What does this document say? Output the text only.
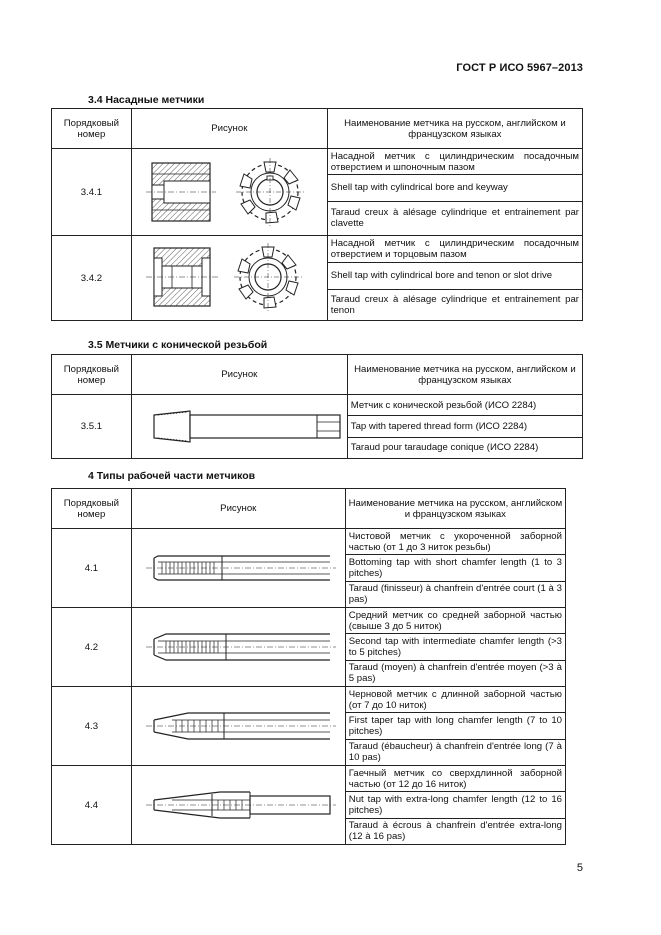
ГОСТ Р ИСО 5967–2013
3.4 Насадные метчики
Порядковый номер	Рисунок	Наименование метчика на русском, английском и французском языках
3.4.1		Насадной метчик с цилиндрическим посадочным отверстием и шпоночным пазом
		Shell tap with cylindrical bore and keyway
		Taraud creux à alésage cylindrique et entrainement par clavette
3.4.2		Насадной метчик с цилиндрическим посадочным отверстием и торцовым пазом
		Shell tap with cylindrical bore and tenon or slot drive
		Taraud creux à alésage cylindrique et entrainement par tenon
3.5 Метчики с конической резьбой
Порядковый номер	Рисунок	Наименование метчика на русском, английском и французском языках
3.5.1		Метчик с конической резьбой (ИСО 2284)
		Tap with tapered thread form (ИСО 2284)
		Taraud pour taraudage conique (ИСО 2284)
4 Типы рабочей части метчиков
Порядковый номер	Рисунок	Наименование метчика на русском, английском и французском языках
4.1		Чистовой метчик с укороченной заборной частью (от 1 до 3 ниток резьбы)
		Bottoming tap with short chamfer length (1 to 3 pitches)
		Taraud (finisseur) à chanfrein d'entrée court (1 à 3 pas)
4.2		Средний метчик со средней заборной частью (свыше 3 до 5 ниток)
		Second tap with intermediate chamfer length (>3 to 5 pitches)
		Taraud (moyen) à chanfrein d'entrée moyen (>3 à 5 pas)
4.3		Черновой метчик с длинной заборной частью (от 7 до 10 ниток)
		First taper tap with long chamfer length (7 to 10 pitches)
		Taraud (ébaucheur) à chanfrein d'entrée long (7 à 10 pas)
4.4		Гаечный метчик со сверхдлинной заборной частью (от 12 до 16 ниток)
		Nut tap with extra-long chamfer length (12 to 16 pitches)
		Taraud à écrous à chanfrein d'entrée extra-long (12 à 16 pas)
5
